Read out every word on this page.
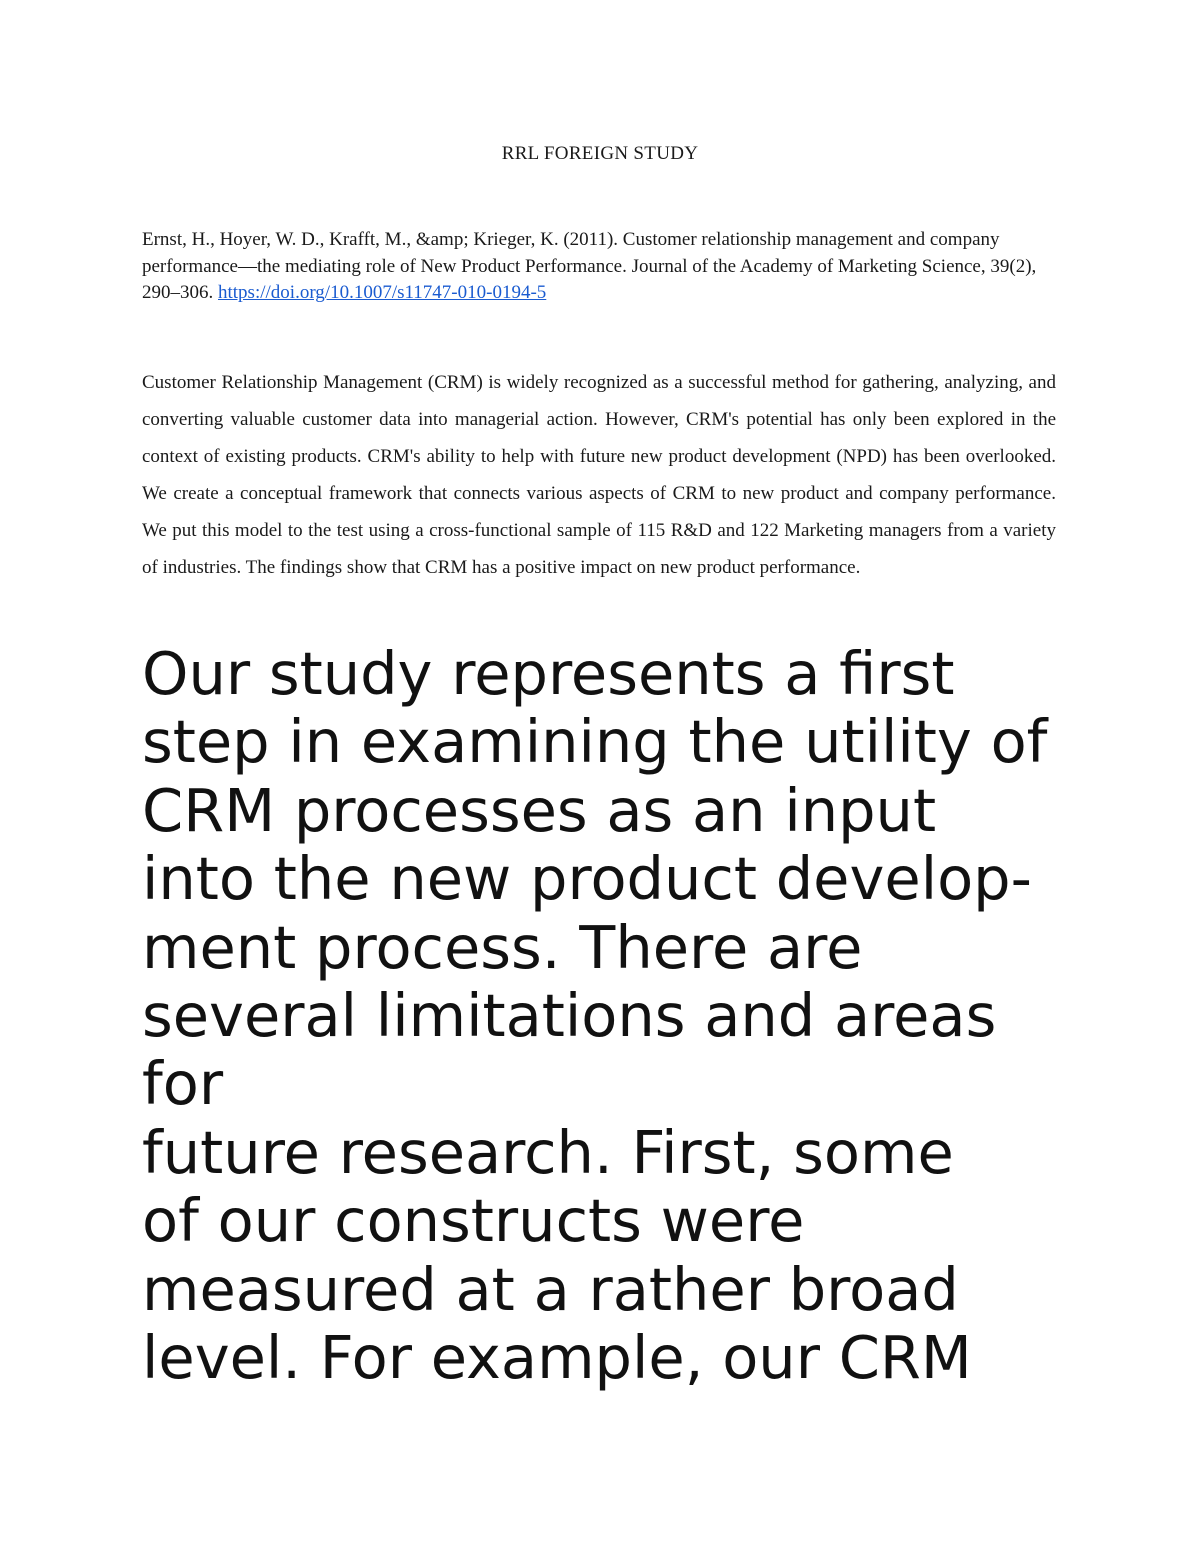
RRL FOREIGN STUDY

Ernst, H., Hoyer, W. D., Krafft, M., &amp; Krieger, K. (2011). Customer relationship management and company performance—the mediating role of New Product Performance. Journal of the Academy of Marketing Science, 39(2), 290–306. https://doi.org/10.1007/s11747-010-0194-5

Customer Relationship Management (CRM) is widely recognized as a successful method for gathering, analyzing, and converting valuable customer data into managerial action. However, CRM's potential has only been explored in the context of existing products. CRM's ability to help with future new product development (NPD) has been overlooked. We create a conceptual framework that connects various aspects of CRM to new product and company performance. We put this model to the test using a cross-functional sample of 115 R&D and 122 Marketing managers from a variety of industries. The findings show that CRM has a positive impact on new product performance.

Our study represents a first
step in examining the utility of
CRM processes as an input
into the new product develop-
ment process. There are
several limitations and areas
for
future research. First, some
of our constructs were
measured at a rather broad
level. For example, our CRM
